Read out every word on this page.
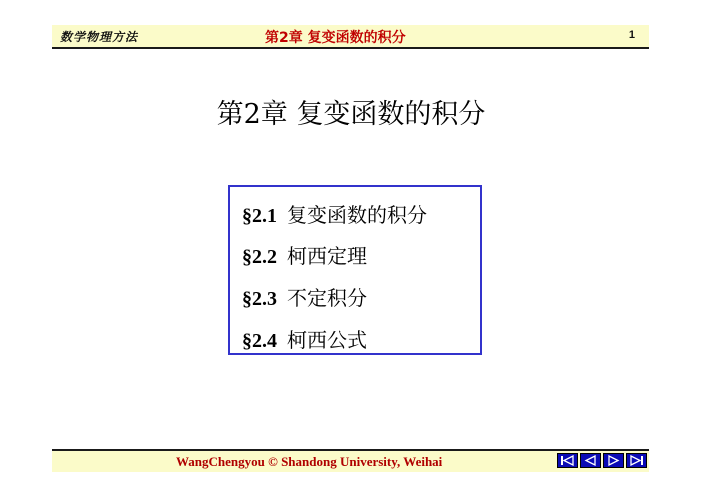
数学物理方法	第2章 复变函数的积分	1
第2章 复变函数的积分
§2.1 复变函数的积分
§2.2 柯西定理
§2.3 不定积分
§2.4 柯西公式
WangChengyou © Shandong University, Weihai
